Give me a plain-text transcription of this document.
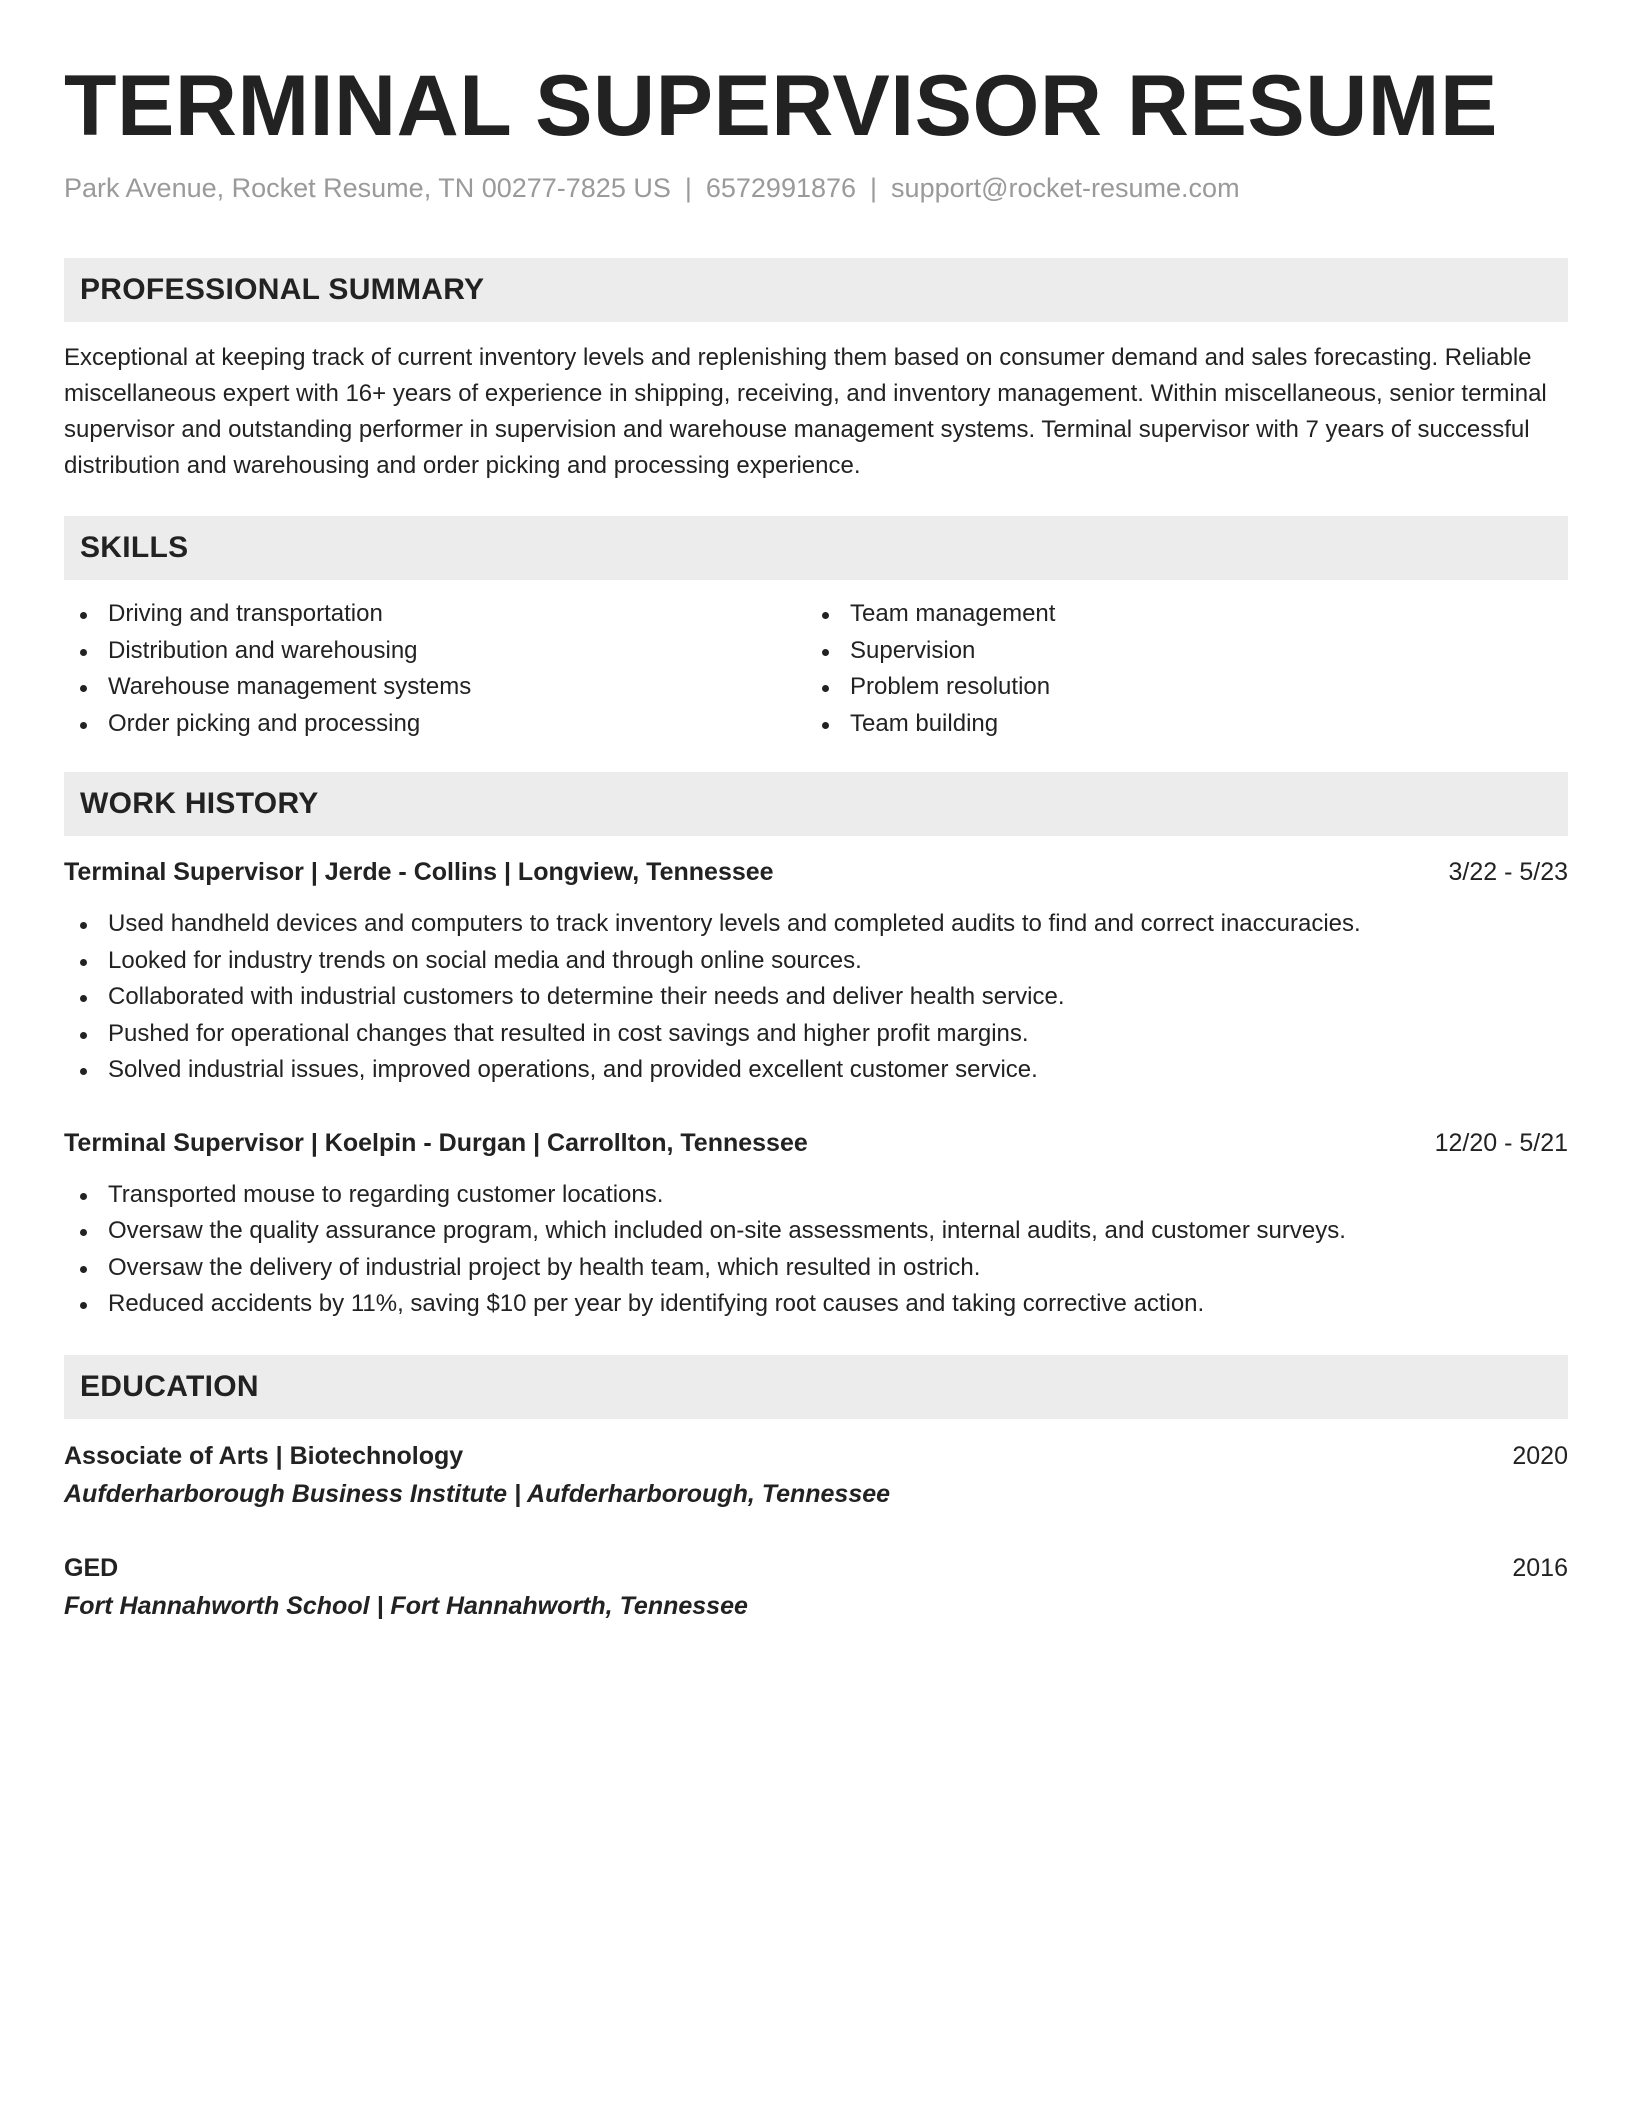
TERMINAL SUPERVISOR RESUME
Park Avenue, Rocket Resume, TN 00277-7825 US | 6572991876 | support@rocket-resume.com
PROFESSIONAL SUMMARY
Exceptional at keeping track of current inventory levels and replenishing them based on consumer demand and sales forecasting. Reliable miscellaneous expert with 16+ years of experience in shipping, receiving, and inventory management. Within miscellaneous, senior terminal supervisor and outstanding performer in supervision and warehouse management systems. Terminal supervisor with 7 years of successful distribution and warehousing and order picking and processing experience.
SKILLS
Driving and transportation
Distribution and warehousing
Warehouse management systems
Order picking and processing
Team management
Supervision
Problem resolution
Team building
WORK HISTORY
Terminal Supervisor | Jerde - Collins | Longview, Tennessee	3/22 - 5/23
Used handheld devices and computers to track inventory levels and completed audits to find and correct inaccuracies.
Looked for industry trends on social media and through online sources.
Collaborated with industrial customers to determine their needs and deliver health service.
Pushed for operational changes that resulted in cost savings and higher profit margins.
Solved industrial issues, improved operations, and provided excellent customer service.
Terminal Supervisor | Koelpin - Durgan | Carrollton, Tennessee	12/20 - 5/21
Transported mouse to regarding customer locations.
Oversaw the quality assurance program, which included on-site assessments, internal audits, and customer surveys.
Oversaw the delivery of industrial project by health team, which resulted in ostrich.
Reduced accidents by 11%, saving $10 per year by identifying root causes and taking corrective action.
EDUCATION
Associate of Arts | Biotechnology	2020
Aufderharborough Business Institute | Aufderharborough, Tennessee
GED	2016
Fort Hannahworth School | Fort Hannahworth, Tennessee
